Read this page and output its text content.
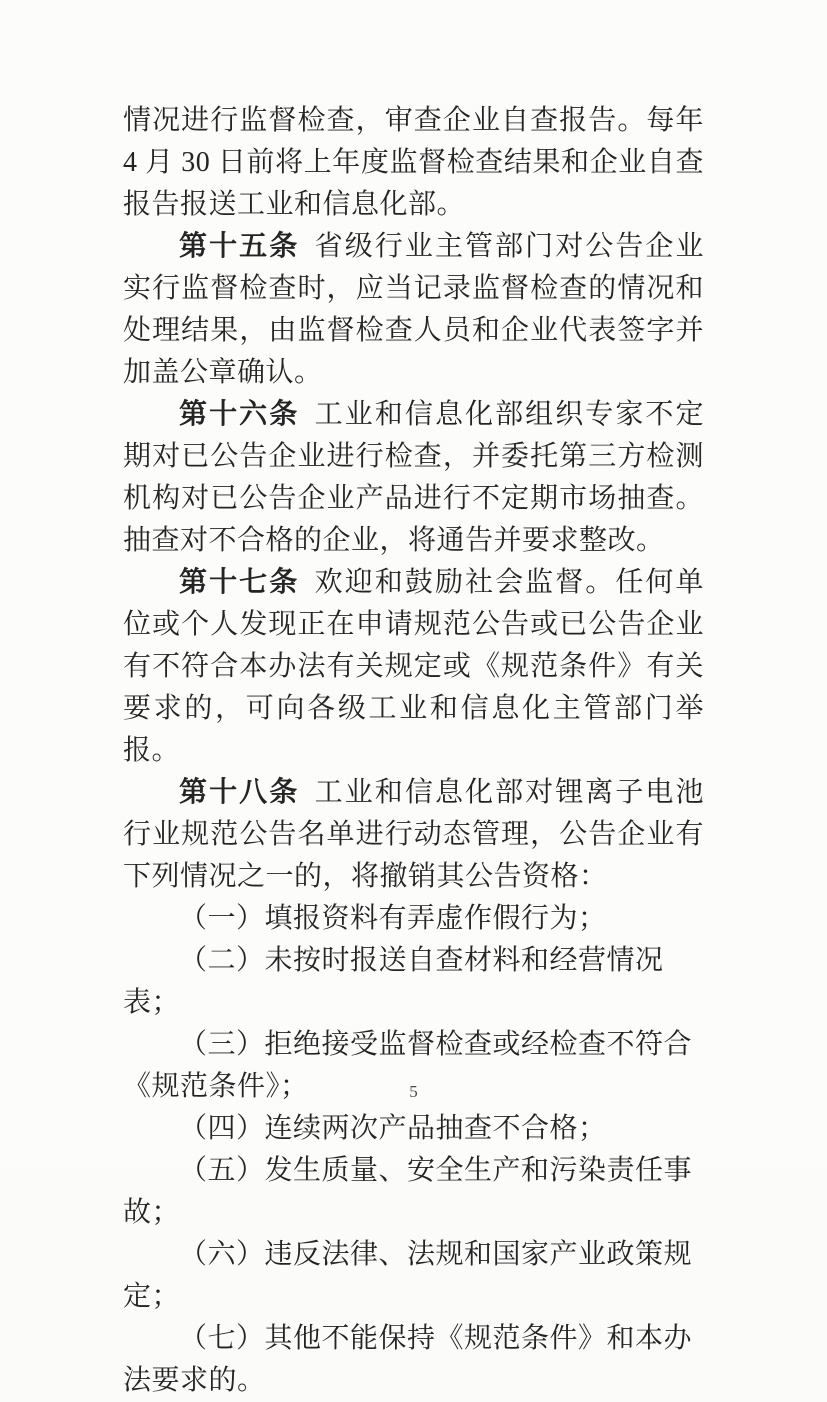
情况进行监督检查，审查企业自查报告。每年 4 月 30 日前将上年度监督检查结果和企业自查报告报送工业和信息化部。

第十五条 省级行业主管部门对公告企业实行监督检查时，应当记录监督检查的情况和处理结果，由监督检查人员和企业代表签字并加盖公章确认。

第十六条 工业和信息化部组织专家不定期对已公告企业进行检查，并委托第三方检测机构对已公告企业产品进行不定期市场抽查。抽查对不合格的企业，将通告并要求整改。

第十七条 欢迎和鼓励社会监督。任何单位或个人发现正在申请规范公告或已公告企业有不符合本办法有关规定或《规范条件》有关要求的，可向各级工业和信息化主管部门举报。

第十八条 工业和信息化部对锂离子电池行业规范公告名单进行动态管理，公告企业有下列情况之一的，将撤销其公告资格：

（一）填报资料有弄虚作假行为；

（二）未按时报送自查材料和经营情况表；

（三）拒绝接受监督检查或经检查不符合《规范条件》；

（四）连续两次产品抽查不合格；

（五）发生质量、安全生产和污染责任事故；

（六）违反法律、法规和国家产业政策规定；

（七）其他不能保持《规范条件》和本办法要求的。

5
